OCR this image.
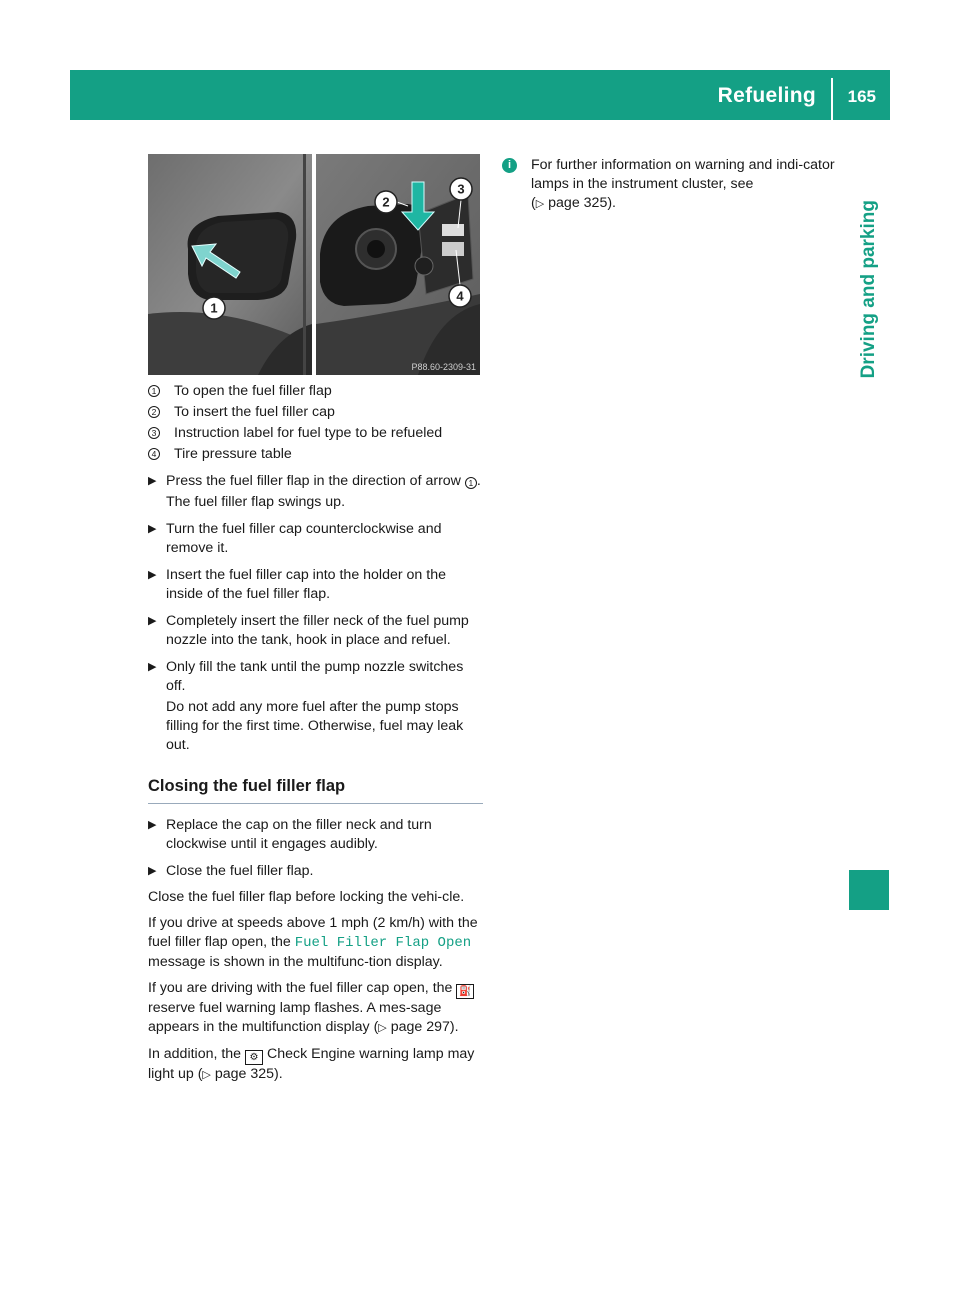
Refueling 165
Driving and parking
1
2
3
4
P88.60-2309-31
1 To open the fuel filler flap
2 To insert the fuel filler cap
3 Instruction label for fuel type to be refueled
4 Tire pressure table
▶ Press the fuel filler flap in the direction of arrow 1 .
The fuel filler flap swings up.
▶ Turn the fuel filler cap counterclockwise and remove it.
▶ Insert the fuel filler cap into the holder on the inside of the fuel filler flap.
▶ Completely insert the filler neck of the fuel pump nozzle into the tank, hook in place and refuel.
▶ Only fill the tank until the pump nozzle switches off.
Do not add any more fuel after the pump stops filling for the first time. Otherwise, fuel may leak out.
Closing the fuel filler flap
▶ Replace the cap on the filler neck and turn clockwise until it engages audibly.
▶ Close the fuel filler flap.
Close the fuel filler flap before locking the vehi-cle.
If you drive at speeds above 1 mph (2 km/h) with the fuel filler flap open, the Fuel Filler Flap Open message is shown in the multifunc-tion display.
If you are driving with the fuel filler cap open, the ⛽ reserve fuel warning lamp flashes. A mes-sage appears in the multifunction display (▷ page 297).
In addition, the ⚙ Check Engine warning lamp may light up (▷ page 325).
i	For further information on warning and indi-cator lamps in the instrument cluster, see
(▷ page 325).
